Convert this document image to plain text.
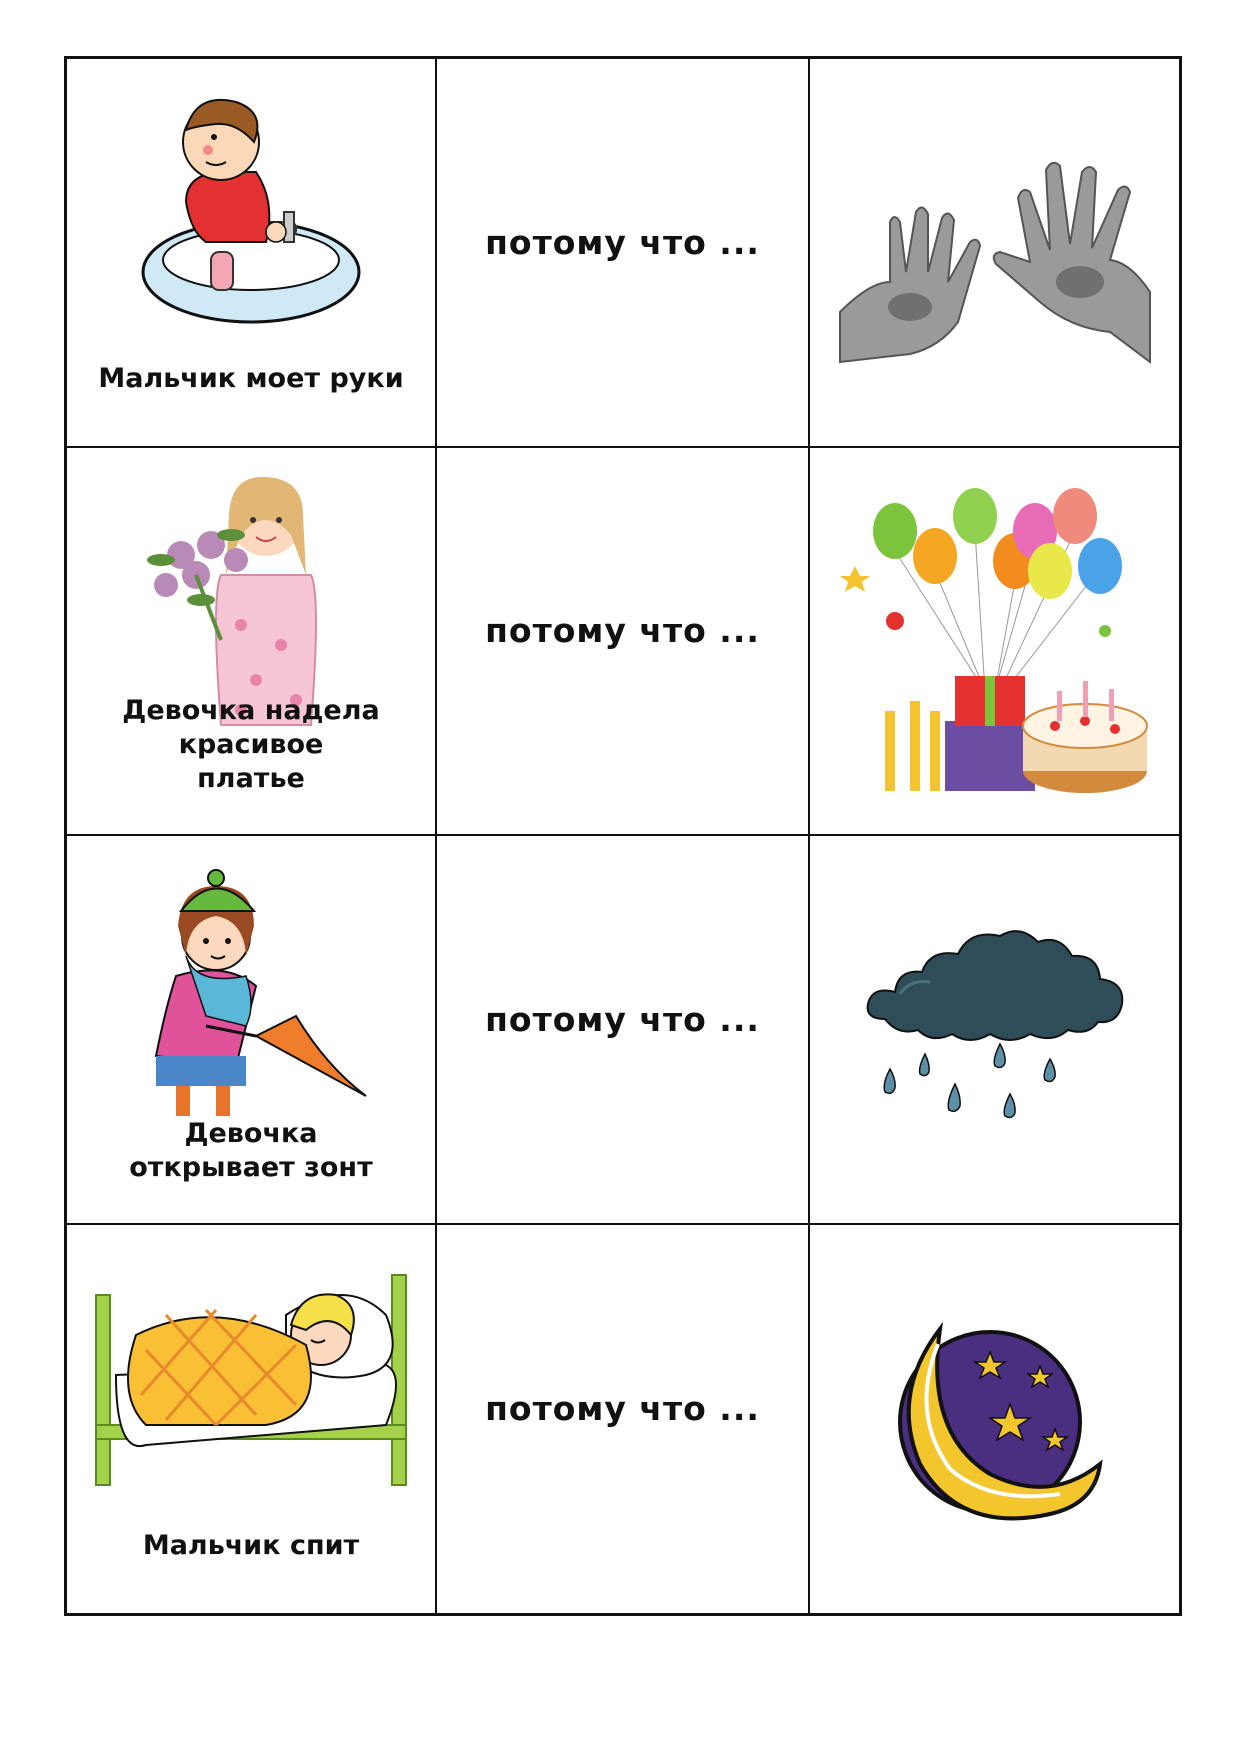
Мальчик моет руки
потому что ...
Девочка надела красивое платье
потому что ...
Девочка открывает зонт
потому что ...
Мальчик спит
потому что ...
